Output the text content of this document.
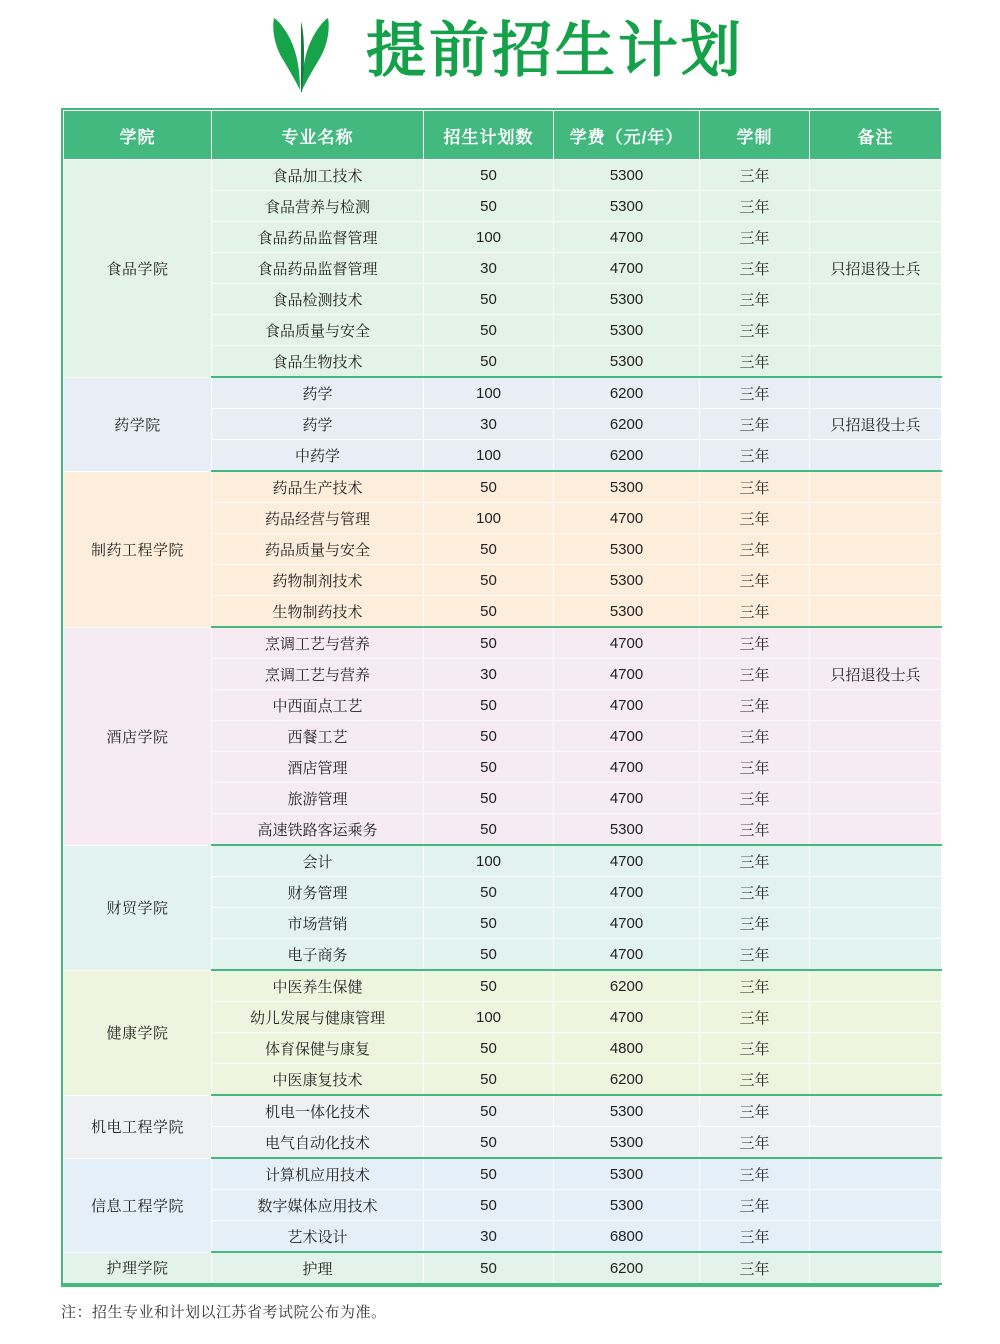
提前招生计划
学院	专业名称	招生计划数	学费（元/年）	学制	备注
食品学院	食品加工技术	50	5300	三年	
	食品营养与检测	50	5300	三年	
	食品药品监督管理	100	4700	三年	
	食品药品监督管理	30	4700	三年	只招退役士兵
	食品检测技术	50	5300	三年	
	食品质量与安全	50	5300	三年	
	食品生物技术	50	5300	三年	
药学院	药学	100	6200	三年	
	药学	30	6200	三年	只招退役士兵
	中药学	100	6200	三年	
制药工程学院	药品生产技术	50	5300	三年	
	药品经营与管理	100	4700	三年	
	药品质量与安全	50	5300	三年	
	药物制剂技术	50	5300	三年	
	生物制药技术	50	5300	三年	
酒店学院	烹调工艺与营养	50	4700	三年	
	烹调工艺与营养	30	4700	三年	只招退役士兵
	中西面点工艺	50	4700	三年	
	西餐工艺	50	4700	三年	
	酒店管理	50	4700	三年	
	旅游管理	50	4700	三年	
	高速铁路客运乘务	50	5300	三年	
财贸学院	会计	100	4700	三年	
	财务管理	50	4700	三年	
	市场营销	50	4700	三年	
	电子商务	50	4700	三年	
健康学院	中医养生保健	50	6200	三年	
	幼儿发展与健康管理	100	4700	三年	
	体育保健与康复	50	4800	三年	
	中医康复技术	50	6200	三年	
机电工程学院	机电一体化技术	50	5300	三年	
	电气自动化技术	50	5300	三年	
信息工程学院	计算机应用技术	50	5300	三年	
	数字媒体应用技术	50	5300	三年	
	艺术设计	30	6800	三年	
护理学院	护理	50	6200	三年	
注：招生专业和计划以江苏省考试院公布为准。
